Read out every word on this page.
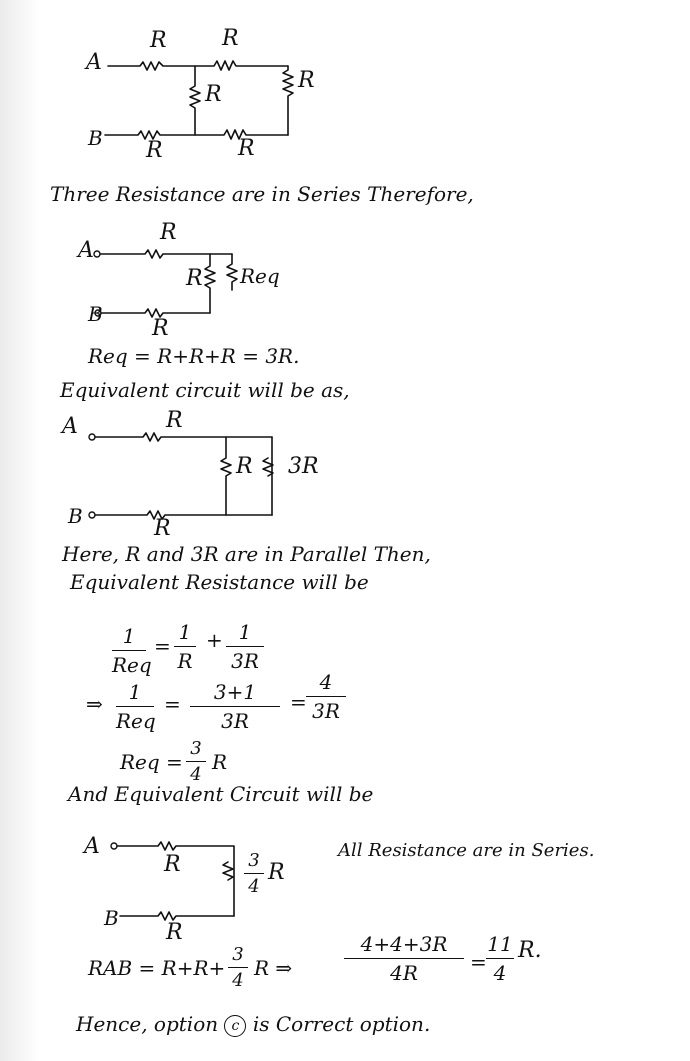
A
B
R	R
R
R
R	R
Three Resistance are in Series Therefore,
A
B
R
R Req
R
Req = R+R+R = 3R.
Equivalent circuit will be as,
A
B
R
R 3R
R
Here, R and 3R are in Parallel Then,
Equivalent Resistance will be
1
Req
=
1
R
+ 1
3R
⇒	1
Req
=	3+1
3R
=
4
3R
Req =
3
4
R
And Equivalent Circuit will be
A
B
R	3
4
R
R
All Resistance are in Series.
RAB = R+R+
3
4
R ⇒
4+4+3R
4R	=
11
4
R.
Hence, option c is Correct option.
